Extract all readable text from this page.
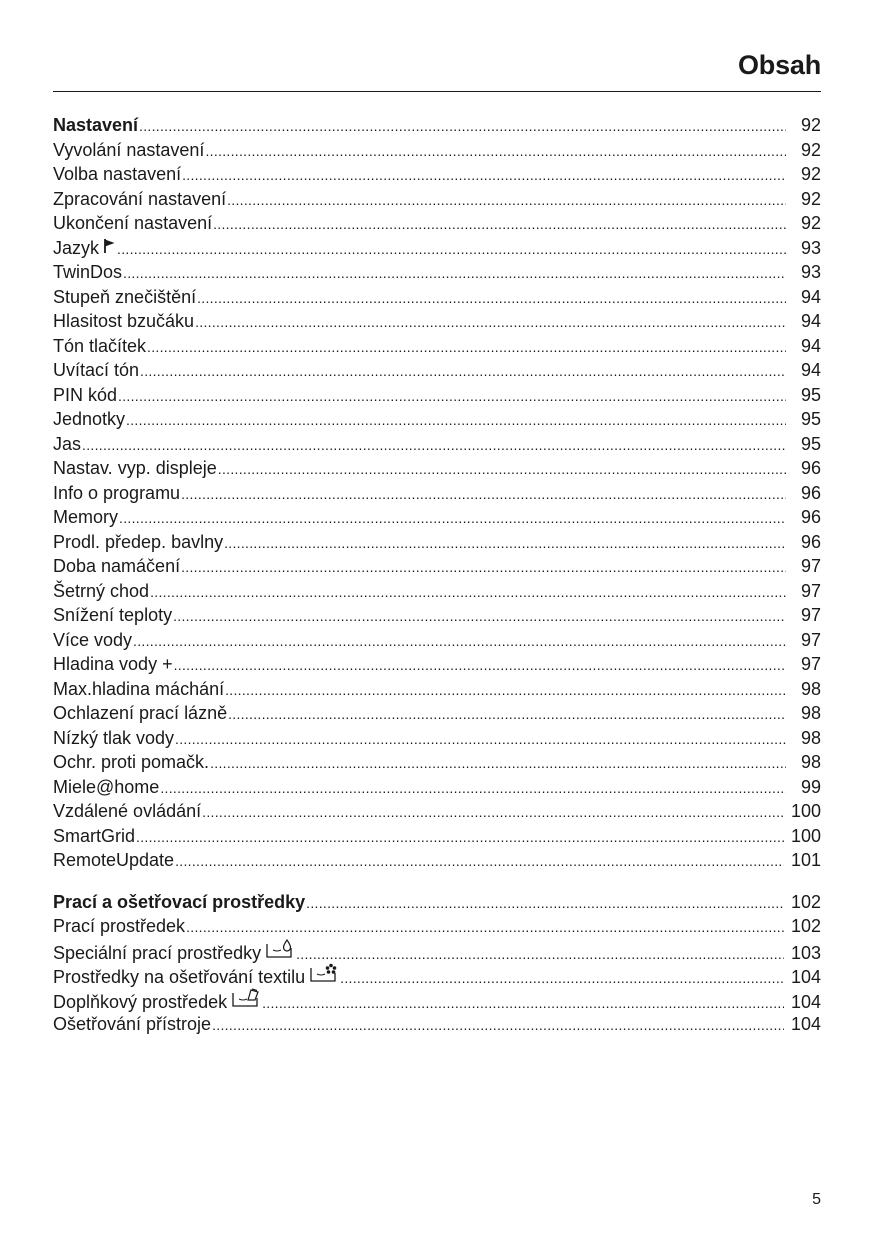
Obsah
Nastavení .....	92
Vyvolání nastavení .....	92
Volba nastavení .....	92
Zpracování nastavení .....	92
Ukončení nastavení .....	92
Jazyk .....	93
TwinDos .....	93
Stupeň znečištění .....	94
Hlasitost bzučáku .....	94
Tón tlačítek .....	94
Uvítací tón .....	94
PIN kód .....	95
Jednotky .....	95
Jas .....	95
Nastav. vyp. displeje .....	96
Info o programu .....	96
Memory .....	96
Prodl. předep. bavlny .....	96
Doba namáčení .....	97
Šetrný chod .....	97
Snížení teploty .....	97
Více vody .....	97
Hladina vody + .....	97
Max.hladina máchání .....	98
Ochlazení prací lázně .....	98
Nízký tlak vody .....	98
Ochr. proti pomačk. .....	98
Miele@home .....	99
Vzdálené ovládání .....	100
SmartGrid .....	100
RemoteUpdate .....	101
Prací a ošetřovací prostředky .....	102
Prací prostředek .....	102
Speciální prací prostředky .....	103
Prostředky na ošetřování textilu .....	104
Doplňkový prostředek .....	104
Ošetřování přístroje .....	104
5
